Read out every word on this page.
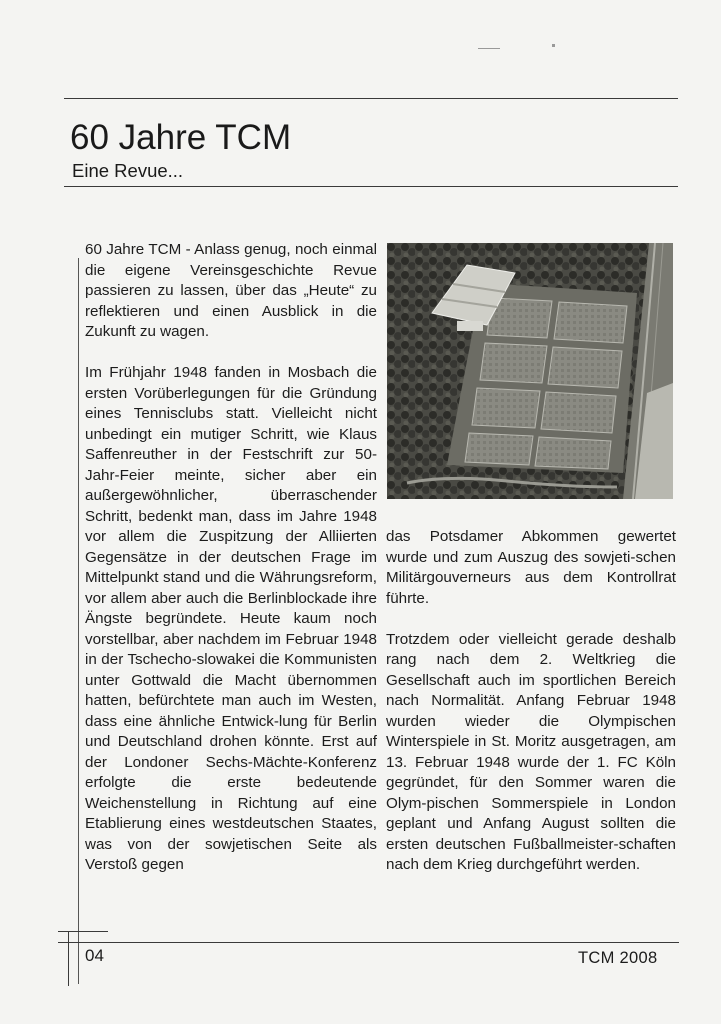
60 Jahre TCM
Eine Revue...

60 Jahre TCM - Anlass genug, noch einmal die eigene Vereinsgeschichte Revue passieren zu lassen, über das „Heute“ zu reflektieren und einen Ausblick in die Zukunft zu wagen.

Im Frühjahr 1948 fanden in Mosbach die ersten Vorüberlegungen für die Gründung eines Tennisclubs statt. Vielleicht nicht unbedingt ein mutiger Schritt, wie Klaus Saffenreuther in der Festschrift zur 50-Jahr-Feier meinte, sicher aber ein außergewöhnlicher, überraschender Schritt, bedenkt man, dass im Jahre 1948 vor allem die Zuspitzung der Alliierten Gegensätze in der deutschen Frage im Mittelpunkt stand und die Währungsreform, vor allem aber auch die Berlinblockade ihre Ängste begründete. Heute kaum noch vorstellbar, aber nachdem im Februar 1948 in der Tschecho-slowakei die Kommunisten unter Gottwald die Macht übernommen hatten, befürchtete man auch im Westen, dass eine ähnliche Entwick-lung für Berlin und Deutschland drohen könnte. Erst auf der Londoner Sechs-Mächte-Konferenz erfolgte die erste bedeutende Weichenstellung in Richtung auf eine Etablierung eines westdeutschen Staates, was von der sowjetischen Seite als Verstoß gegen

das Potsdamer Abkommen gewertet wurde und zum Auszug des sowjeti-schen Militärgouverneurs aus dem Kontrollrat führte.

Trotzdem oder vielleicht gerade deshalb rang nach dem 2. Weltkrieg die Gesellschaft auch im sportlichen Bereich nach Normalität. Anfang Februar 1948 wurden wieder die Olympischen Winterspiele in St. Moritz ausgetragen, am 13. Februar 1948 wurde der 1. FC Köln gegründet, für den Sommer waren die Olym-pischen Sommerspiele in London geplant und Anfang August sollten die ersten deutschen Fußballmeister-schaften nach dem Krieg durchgeführt werden.

04	TCM 2008
